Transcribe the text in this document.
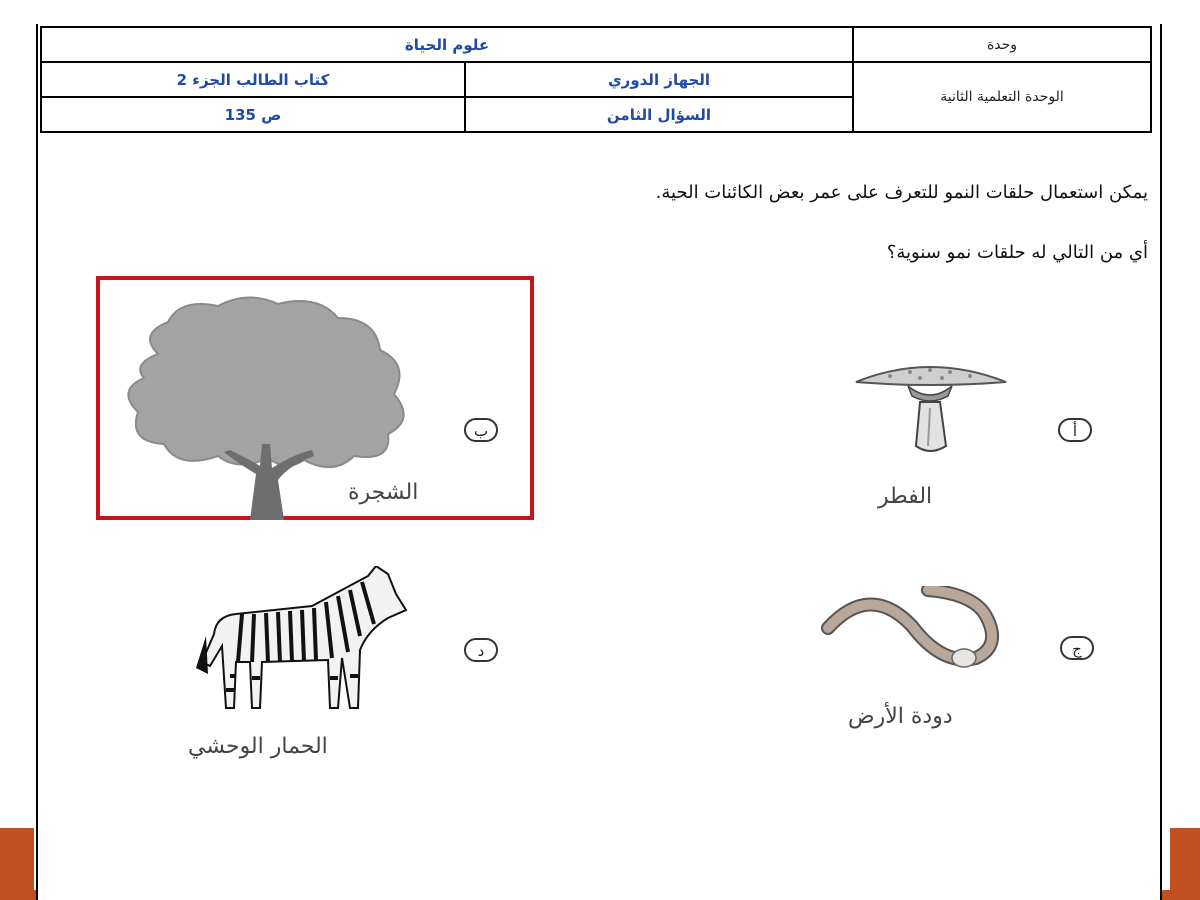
وحدة	علوم الحياة	
الوحدة التعلمية الثانية	الجهاز الدوري	كتاب الطالب الجزء 2
	السؤال الثامن	ص 135
يمكن استعمال حلقات النمو للتعرف على عمر بعض الكائنات الحية.
أي من التالي له حلقات نمو سنوية؟
أ
الفطر
ب
الشجرة
ج
دودة الأرض
د
الحمار الوحشي
